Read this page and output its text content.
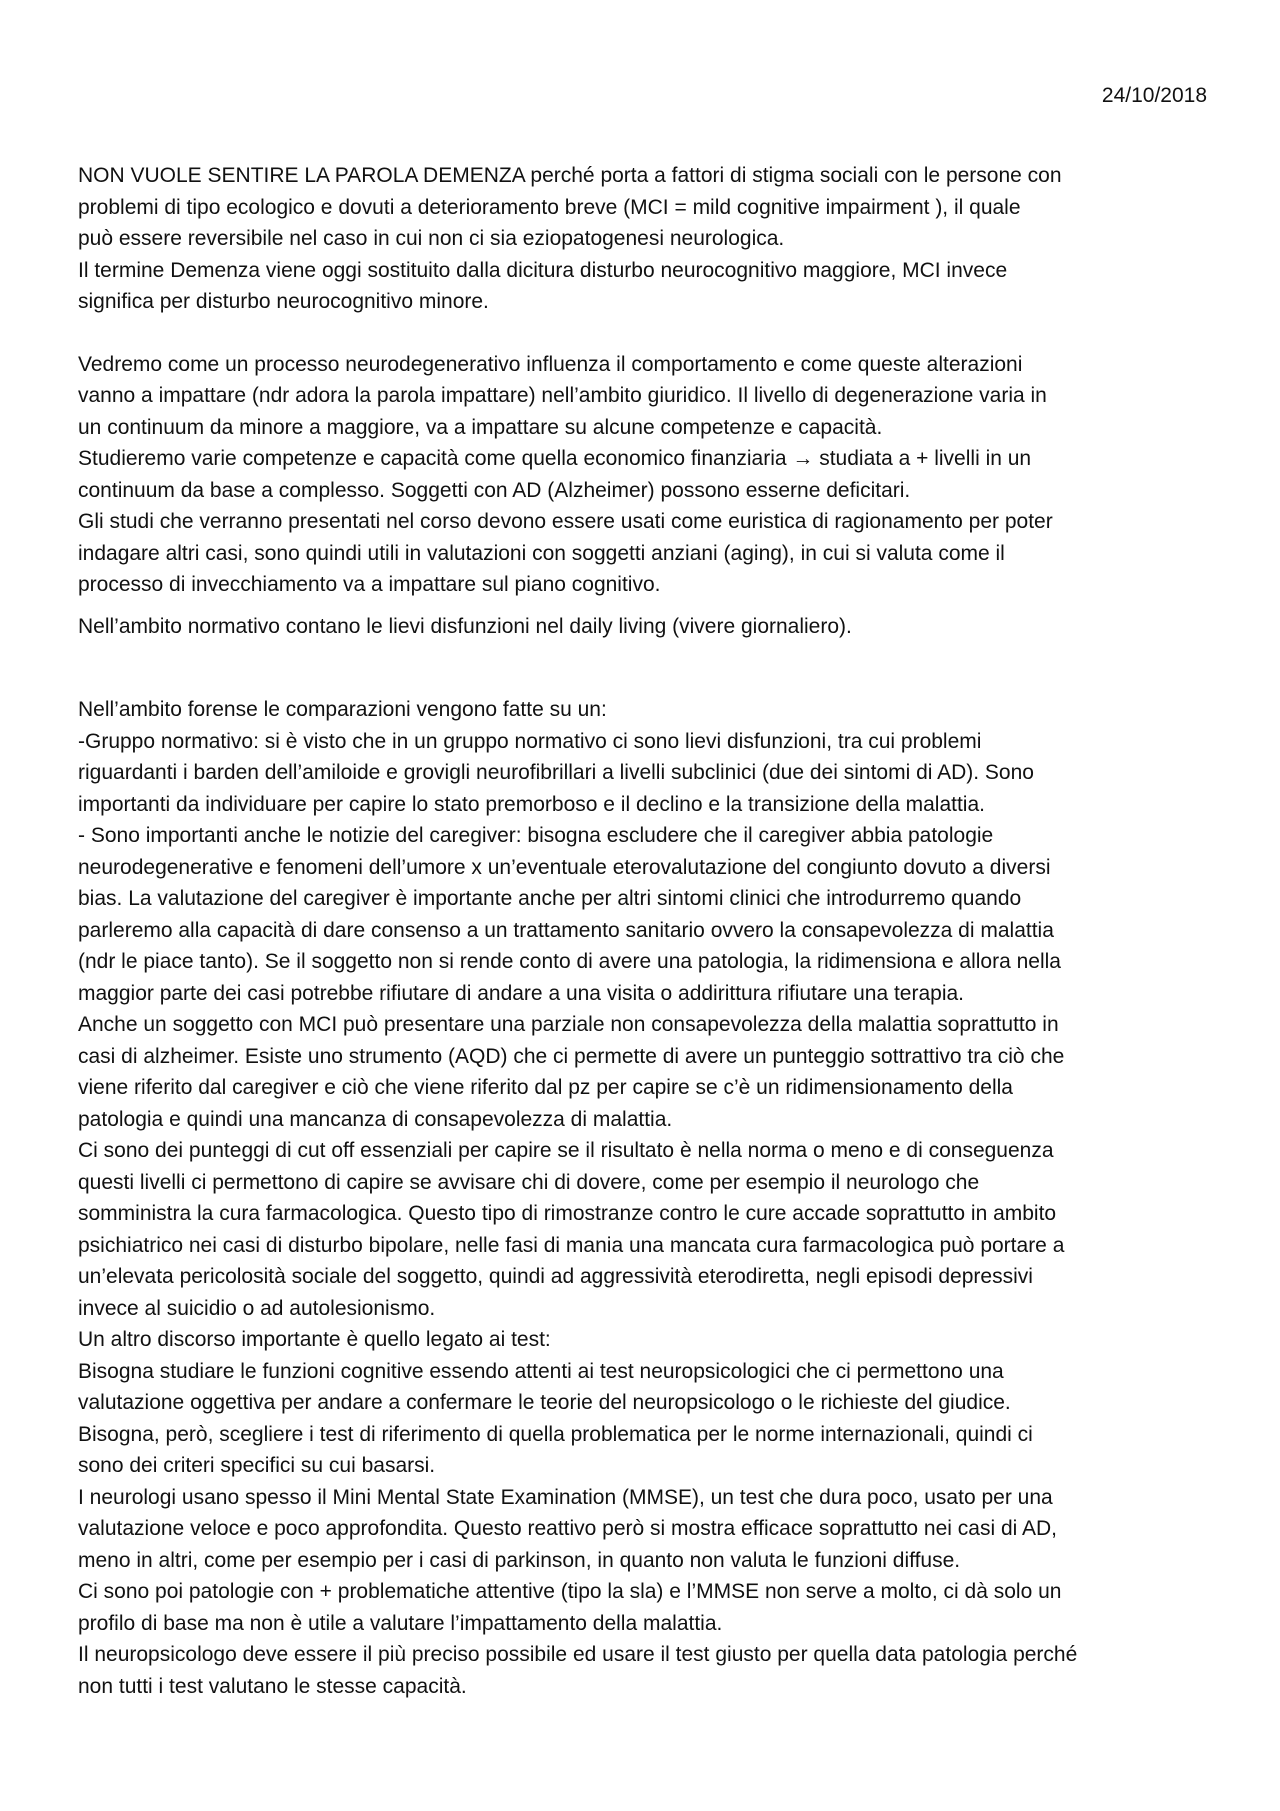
24/10/2018
NON VUOLE SENTIRE LA PAROLA DEMENZA perché porta a fattori di stigma sociali con le persone con
problemi di tipo ecologico e dovuti a deterioramento breve (MCI = mild cognitive impairment ), il quale
può essere reversibile nel caso in cui non ci sia eziopatogenesi neurologica.
Il termine Demenza viene oggi sostituito dalla dicitura disturbo neurocognitivo maggiore, MCI invece
significa per disturbo neurocognitivo minore.
Vedremo come un processo neurodegenerativo influenza il comportamento e come queste alterazioni
vanno a impattare (ndr adora la parola impattare) nell’ambito giuridico. Il livello di degenerazione varia in
un continuum da minore a maggiore, va a impattare su alcune competenze e capacità.
Studieremo varie competenze e capacità come quella economico finanziaria → studiata a + livelli in un
continuum da base a complesso. Soggetti con AD (Alzheimer) possono esserne deficitari.
Gli studi che verranno presentati nel corso devono essere usati come euristica di ragionamento per poter
indagare altri casi, sono quindi utili in valutazioni con soggetti anziani (aging), in cui si valuta come il
processo di invecchiamento va a impattare sul piano cognitivo.
Nell’ambito normativo contano le lievi disfunzioni nel daily living (vivere giornaliero).
Nell’ambito forense le comparazioni vengono fatte su un:
-Gruppo normativo: si è visto che in un gruppo normativo ci sono lievi disfunzioni, tra cui problemi
riguardanti i barden dell’amiloide e grovigli neurofibrillari a livelli subclinici (due dei sintomi di AD). Sono
importanti da individuare per capire lo stato premorboso e il declino e la transizione della malattia.
- Sono importanti anche le notizie del caregiver: bisogna escludere che il caregiver abbia patologie
neurodegenerative e fenomeni dell’umore x un’eventuale eterovalutazione del congiunto dovuto a diversi
bias. La valutazione del caregiver è importante anche per altri sintomi clinici che introdurremo quando
parleremo alla capacità di dare consenso a un trattamento sanitario ovvero la consapevolezza di malattia
(ndr le piace tanto). Se il soggetto non si rende conto di avere una patologia, la ridimensiona e allora nella
maggior parte dei casi potrebbe rifiutare di andare a una visita o addirittura rifiutare una terapia.
Anche un soggetto con MCI può presentare una parziale non consapevolezza della malattia soprattutto in
casi di alzheimer. Esiste uno strumento (AQD) che ci permette di avere un punteggio sottrattivo tra ciò che
viene riferito dal caregiver e ciò che viene riferito dal pz per capire se c’è un ridimensionamento della
patologia e quindi una mancanza di consapevolezza di malattia.
Ci sono dei punteggi di cut off essenziali per capire se il risultato è nella norma o meno e di conseguenza
questi livelli ci permettono di capire se avvisare chi di dovere, come per esempio il neurologo che
somministra la cura farmacologica. Questo tipo di rimostranze contro le cure accade soprattutto in ambito
psichiatrico nei casi di disturbo bipolare, nelle fasi di mania una mancata cura farmacologica può portare a
un’elevata pericolosità sociale del soggetto, quindi ad aggressività eterodiretta, negli episodi depressivi
invece al suicidio o ad autolesionismo.
Un altro discorso importante è quello legato ai test:
Bisogna studiare le funzioni cognitive essendo attenti ai test neuropsicologici che ci permettono una
valutazione oggettiva per andare a confermare le teorie del neuropsicologo o le richieste del giudice.
Bisogna, però, scegliere i test di riferimento di quella problematica per le norme internazionali, quindi ci
sono dei criteri specifici su cui basarsi.
I neurologi usano spesso il Mini Mental State Examination (MMSE), un test che dura poco, usato per una
valutazione veloce e poco approfondita. Questo reattivo però si mostra efficace soprattutto nei casi di AD,
meno in altri, come per esempio per i casi di parkinson, in quanto non valuta le funzioni diffuse.
Ci sono poi patologie con + problematiche attentive (tipo la sla) e l’MMSE non serve a molto, ci dà solo un
profilo di base ma non è utile a valutare l’impattamento della malattia.
Il neuropsicologo deve essere il più preciso possibile ed usare il test giusto per quella data patologia perché
non tutti i test valutano le stesse capacità.
